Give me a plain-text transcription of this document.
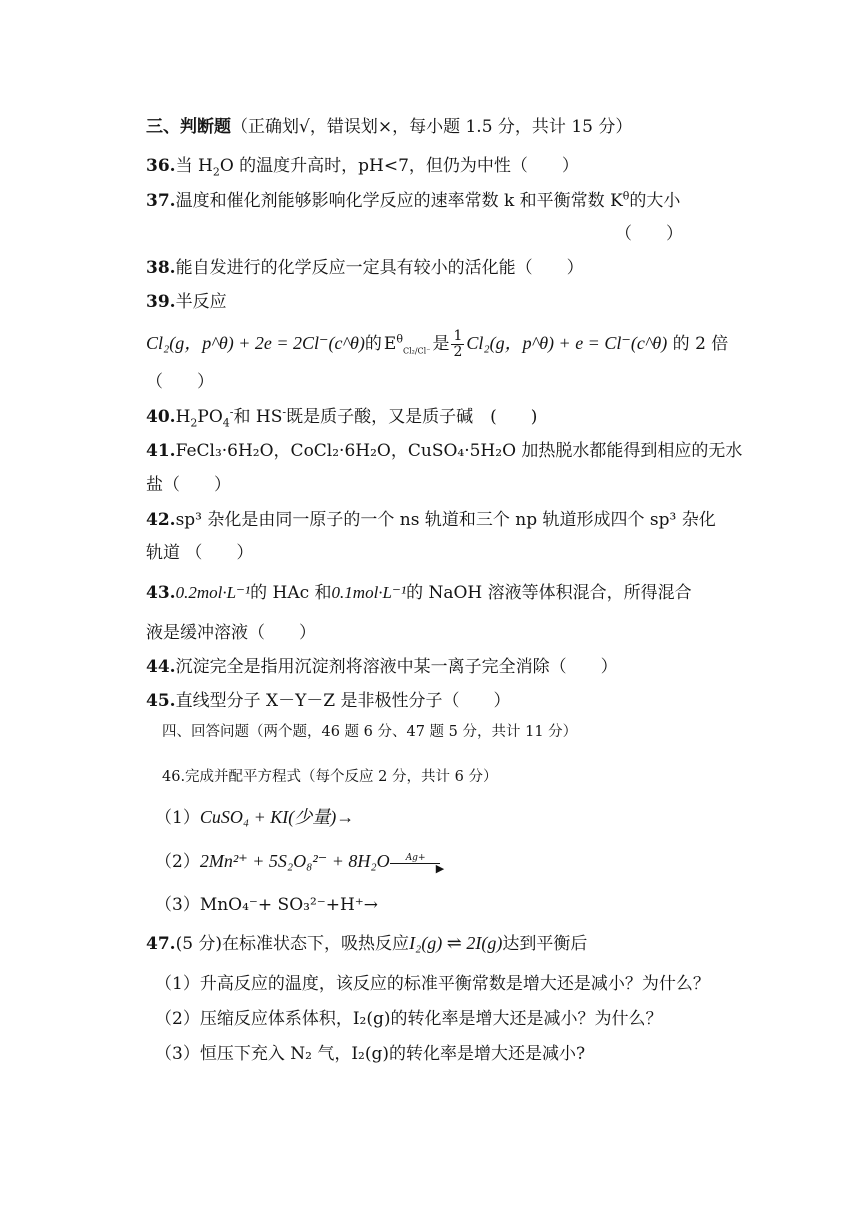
三、判断题（正确划√，错误划×，每小题 1.5 分，共计 15 分）
36.当 $H_2O$ 的温度升高时，pH<7，但仍为中性（　　）
37.温度和催化剂能够影响化学反应的速率常数 k 和平衡常数 $K^\theta$的大小
（　　）
38.能自发进行的化学反应一定具有较小的活化能（　　）
39.半反应
Cl₂(g，p^θ) + 2e = 2Cl⁻(c^θ)的 $E^\theta_{Cl_2/Cl^-}$ 是 $\frac{1}{2} Cl_2(g$，p^θ) + e = Cl⁻(c^θ) 的 2 倍
（　　）
$40.H_2PO_4^-$和 HS-既是质子酸，又是质子碱　(　　)
41.FeCl₃·6H₂O，CoCl₂·6H₂O，CuSO₄·5H₂O 加热脱水都能得到相应的无水
盐（　　）
42.sp³ 杂化是由同一原子的一个 ns 轨道和三个 np 轨道形成四个 sp³ 杂化
轨道 （　　）
43.0.2mol·L⁻¹的 HAc 和0.1mol·L⁻¹的 NaOH 溶液等体积混合，所得混合
液是缓冲溶液（　　）
44.沉淀完全是指用沉淀剂将溶液中某一离子完全消除（　　）
45.直线型分子 X－Y－Z 是非极性分子（　　）
四、回答问题（两个题，46 题 6 分、47 题 5 分，共计 11 分）
46.完成并配平方程式（每个反应 2 分，共计 6 分）
（1）CuSO₄ + KI(少量)→
（2）2Mn²⁺ + 5S₂O₈²⁻ + 8H₂O Ag+
▶
（3）MnO₄⁻+ SO₃²⁻+H⁺→
47.(5 分)在标准状态下，吸热反应I₂(g) ⇌ 2I(g)达到平衡后
（1）升高反应的温度，该反应的标准平衡常数是增大还是减小？为什么？
（2）压缩反应体系体积，I₂(g)的转化率是增大还是减小？为什么？
（3）恒压下充入 N₂ 气，I₂(g)的转化率是增大还是减小?
